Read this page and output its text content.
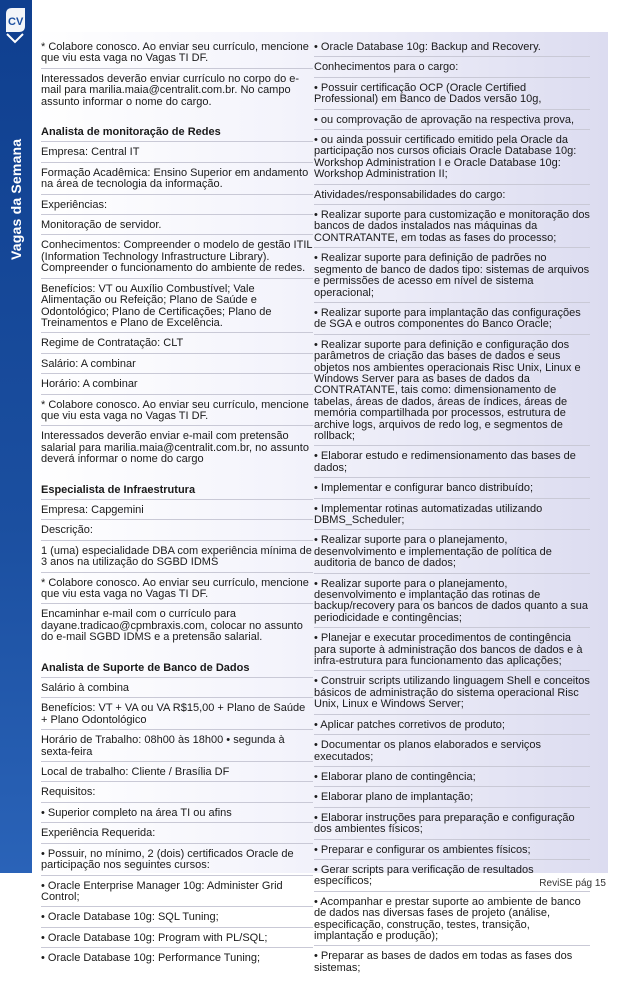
CV
Vagas da Semana
* Colabore conosco. Ao enviar seu currículo, mencione que viu esta vaga no Vagas TI DF.
Interessados deverão enviar currículo no corpo do e-mail para marilia.maia@centralit.com.br. No campo assunto informar o nome do cargo.
Analista de monitoração de Redes
Empresa: Central IT
Formação Acadêmica: Ensino Superior em andamento na área de tecnologia da informação.
Experiências:
Monitoração de servidor.
Conhecimentos: Compreender o modelo de gestão ITIL (Information Technology Infrastructure Library). Compreender o funcionamento do ambiente de redes.
Benefícios: VT ou Auxílio Combustível; Vale Alimentação ou Refeição; Plano de Saúde e Odontológico; Plano de Certificações; Plano de Treinamentos e Plano de Excelência.
Regime de Contratação: CLT
Salário: A combinar
Horário: A combinar
* Colabore conosco. Ao enviar seu currículo, mencione que viu esta vaga no Vagas TI DF.
Interessados deverão enviar e-mail com pretensão salarial para marilia.maia@centralit.com.br, no assunto deverá informar o nome do cargo
Especialista de Infraestrutura
Empresa: Capgemini
Descrição:
1 (uma) especialidade DBA com experiência mínima de 3 anos na utilização do SGBD IDMS
* Colabore conosco. Ao enviar seu currículo, mencione que viu esta vaga no Vagas TI DF.
Encaminhar e-mail com o currículo para dayane.tradicao@cpmbraxis.com, colocar no assunto do e-mail SGBD IDMS e a pretensão salarial.
Analista de Suporte de Banco de Dados
Salário à combina
Benefícios: VT + VA ou VA R$15,00 + Plano de Saúde + Plano Odontológico
Horário de Trabalho: 08h00 às 18h00 • segunda à sexta-feira
Local de trabalho: Cliente / Brasília DF
Requisitos:
• Superior completo na área TI ou afins
Experiência Requerida:
• Possuir, no mínimo, 2 (dois) certificados Oracle de participação nos seguintes cursos:
• Oracle Enterprise Manager 10g: Administer Grid Control;
• Oracle Database 10g: SQL Tuning;
• Oracle Database 10g: Program with PL/SQL;
• Oracle Database 10g: Performance Tuning;
• Oracle Database 10g: Backup and Recovery.
Conhecimentos para o cargo:
• Possuir certificação OCP (Oracle Certified Professional) em Banco de Dados versão 10g,
• ou comprovação de aprovação na respectiva prova,
• ou ainda possuir certificado emitido pela Oracle da participação nos cursos oficiais Oracle Database 10g: Workshop Administration I e Oracle Database 10g: Workshop Administration II;
Atividades/responsabilidades do cargo:
• Realizar suporte para customização e monitoração dos bancos de dados instalados nas máquinas da CONTRATANTE, em todas as fases do processo;
• Realizar suporte para definição de padrões no segmento de banco de dados tipo: sistemas de arquivos e permissões de acesso em nível de sistema operacional;
• Realizar suporte para implantação das configurações de SGA e outros componentes do Banco Oracle;
• Realizar suporte para definição e configuração dos parâmetros de criação das bases de dados e seus objetos nos ambientes operacionais Risc Unix, Linux e Windows Server para as bases de dados da CONTRATANTE, tais como: dimensionamento de tabelas, áreas de dados, áreas de índices, áreas de memória compartilhada por processos, estrutura de archive logs, arquivos de redo log, e segmentos de rollback;
• Elaborar estudo e redimensionamento das bases de dados;
• Implementar e configurar banco distribuído;
• Implementar rotinas automatizadas utilizando DBMS_Scheduler;
• Realizar suporte para o planejamento, desenvolvimento e implementação de política de auditoria de banco de dados;
• Realizar suporte para o planejamento, desenvolvimento e implantação das rotinas de backup/recovery para os bancos de dados quanto a sua periodicidade e contingências;
• Planejar e executar procedimentos de contingência para suporte à administração dos bancos de dados e à infra-estrutura para funcionamento das aplicações;
• Construir scripts utilizando linguagem Shell e conceitos básicos de administração do sistema operacional Risc Unix, Linux e Windows Server;
• Aplicar patches corretivos de produto;
• Documentar os planos elaborados e serviços executados;
• Elaborar plano de contingência;
• Elaborar plano de implantação;
• Elaborar instruções para preparação e configuração dos ambientes físicos;
• Preparar e configurar os ambientes físicos;
• Gerar scripts para verificação de resultados específicos;
• Acompanhar e prestar suporte ao ambiente de banco de dados nas diversas fases de projeto (análise, especificação, construção, testes, transição, implantação e produção);
• Preparar as bases de dados em todas as fases dos sistemas;
ReviSE pág 15
